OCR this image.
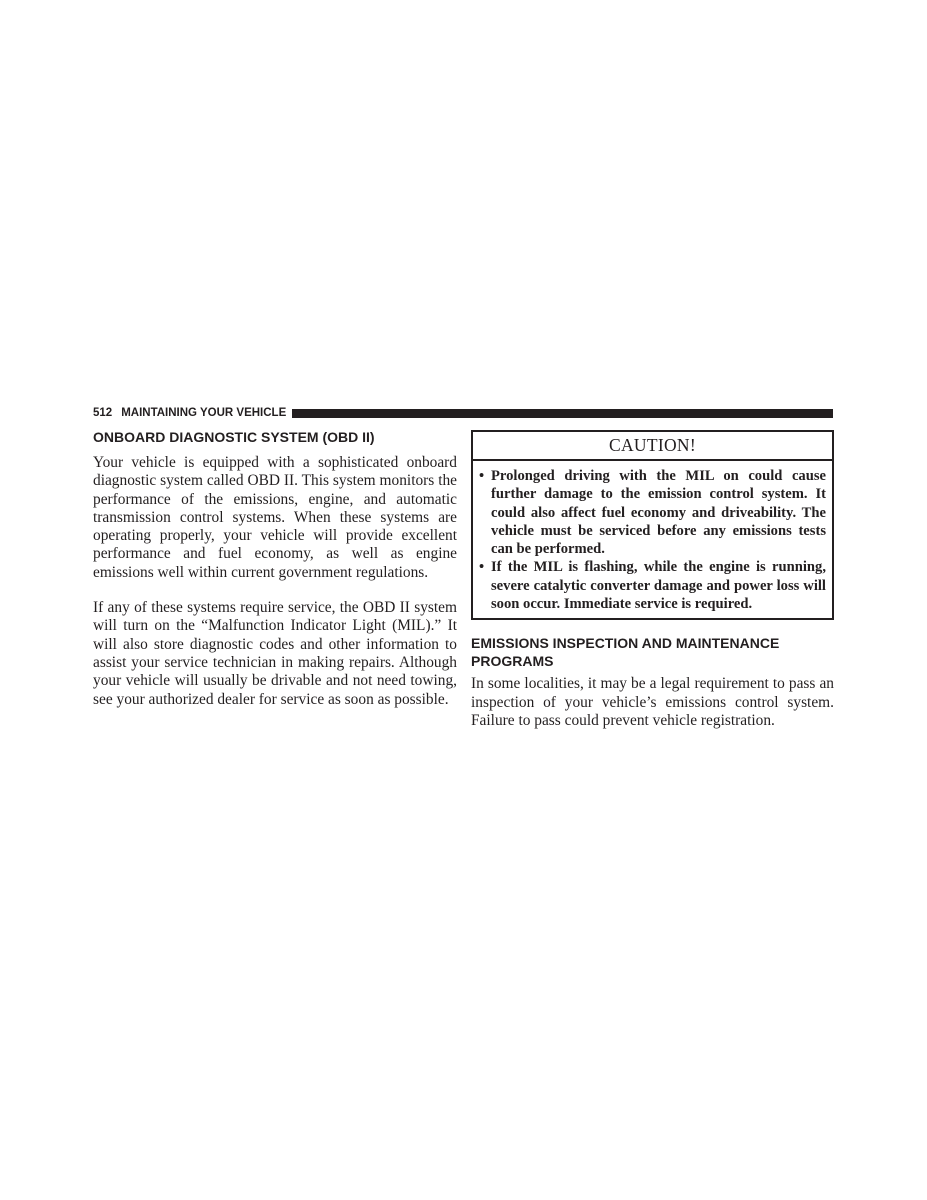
512 MAINTAINING YOUR VEHICLE
ONBOARD DIAGNOSTIC SYSTEM (OBD II)

Your vehicle is equipped with a sophisticated onboard diagnostic system called OBD II. This system monitors the performance of the emissions, engine, and automatic transmission control systems. When these systems are operating properly, your vehicle will provide excellent performance and fuel economy, as well as engine emissions well within current government regulations.

If any of these systems require service, the OBD II system will turn on the “Malfunction Indicator Light (MIL).” It will also store diagnostic codes and other information to assist your service technician in making repairs. Although your vehicle will usually be drivable and not need towing, see your authorized dealer for service as soon as possible.

CAUTION!
• Prolonged driving with the MIL on could cause further damage to the emission control system. It could also affect fuel economy and driveability. The vehicle must be serviced before any emissions tests can be performed.
• If the MIL is flashing, while the engine is running, severe catalytic converter damage and power loss will soon occur. Immediate service is required.
EMISSIONS INSPECTION AND MAINTENANCE PROGRAMS

In some localities, it may be a legal requirement to pass an inspection of your vehicle’s emissions control system. Failure to pass could prevent vehicle registration.
